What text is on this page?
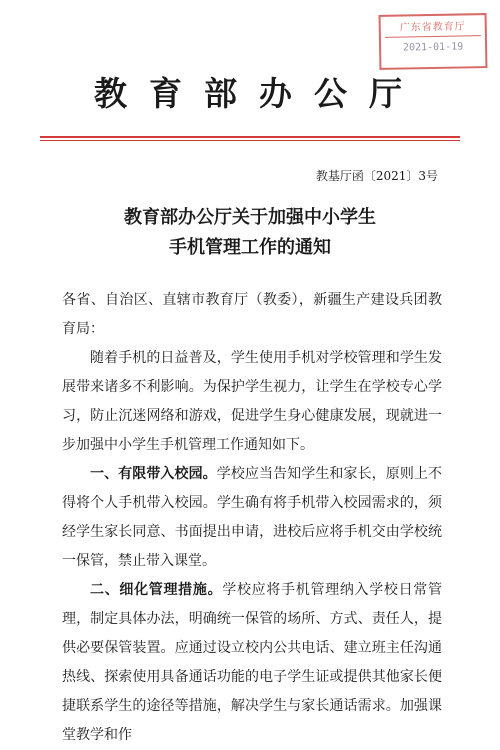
广东省教育厅
2021-01-19
教育部办公厅
教基厅函〔2021〕3号
教育部办公厅关于加强中小学生
手机管理工作的通知

各省、自治区、直辖市教育厅（教委），新疆生产建设兵团教育局：

随着手机的日益普及，学生使用手机对学校管理和学生发展带来诸多不利影响。为保护学生视力，让学生在学校专心学习，防止沉迷网络和游戏，促进学生身心健康发展，现就进一步加强中小学生手机管理工作通知如下。

一、有限带入校园。学校应当告知学生和家长，原则上不得将个人手机带入校园。学生确有将手机带入校园需求的，须经学生家长同意、书面提出申请，进校后应将手机交由学校统一保管，禁止带入课堂。

二、细化管理措施。学校应将手机管理纳入学校日常管理，制定具体办法，明确统一保管的场所、方式、责任人，提供必要保管装置。应通过设立校内公共电话、建立班主任沟通热线、探索使用具备通话功能的电子学生证或提供其他家长便捷联系学生的途径等措施，解决学生与家长通话需求。加强课堂教学和作
